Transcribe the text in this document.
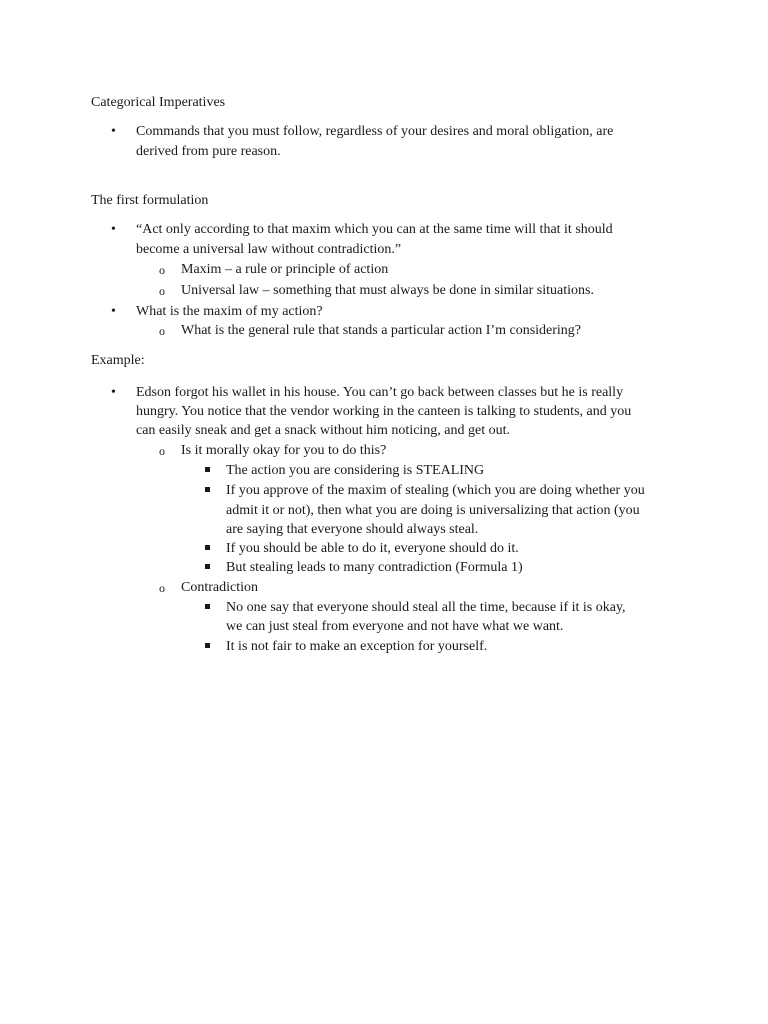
Categorical Imperatives
• Commands that you must follow, regardless of your desires and moral obligation, are
derived from pure reason.
The first formulation
• “Act only according to that maxim which you can at the same time will that it should
become a universal law without contradiction.”
o Maxim – a rule or principle of action
o Universal law – something that must always be done in similar situations.
• What is the maxim of my action?
o What is the general rule that stands a particular action I’m considering?
Example:
• Edson forgot his wallet in his house. You can’t go back between classes but he is really
hungry. You notice that the vendor working in the canteen is talking to students, and you
can easily sneak and get a snack without him noticing, and get out.
o Is it morally okay for you to do this?
The action you are considering is STEALING
If you approve of the maxim of stealing (which you are doing whether you
admit it or not), then what you are doing is universalizing that action (you
are saying that everyone should always steal.
If you should be able to do it, everyone should do it.
But stealing leads to many contradiction (Formula 1)
o Contradiction
No one say that everyone should steal all the time, because if it is okay,
we can just steal from everyone and not have what we want.
It is not fair to make an exception for yourself.
